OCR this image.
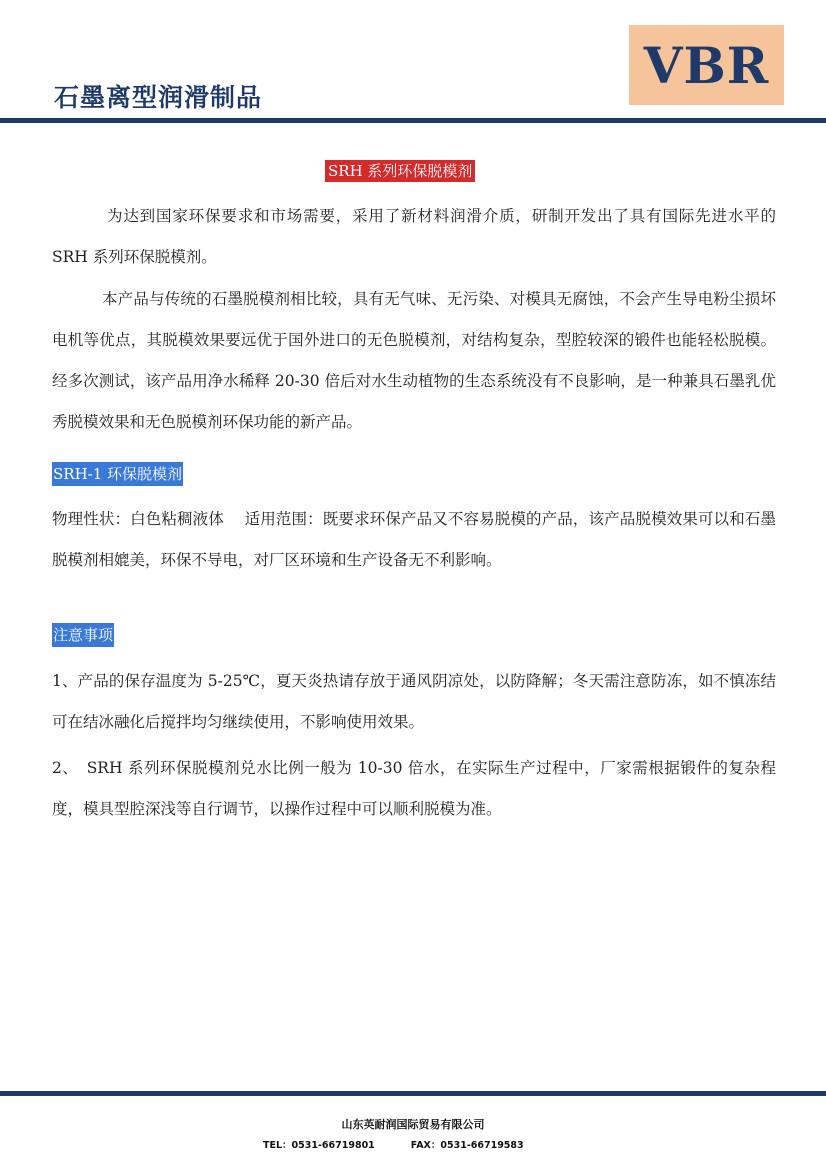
石墨离型润滑制品
VBR
SRH 系列环保脱模剂

为达到国家环保要求和市场需要，采用了新材料润滑介质，研制开发出了具有国际先进水平的 SRH 系列环保脱模剂。

本产品与传统的石墨脱模剂相比较，具有无气味、无污染、对模具无腐蚀，不会产生导电粉尘损坏电机等优点，其脱模效果要远优于国外进口的无色脱模剂，对结构复杂，型腔较深的锻件也能轻松脱模。经多次测试，该产品用净水稀释 20-30 倍后对水生动植物的生态系统没有不良影响，是一种兼具石墨乳优秀脱模效果和无色脱模剂环保功能的新产品。

SRH-1 环保脱模剂

物理性状：白色粘稠液体　 适用范围：既要求环保产品又不容易脱模的产品，该产品脱模效果可以和石墨脱模剂相媲美，环保不导电，对厂区环境和生产设备无不利影响。

注意事项

1、产品的保存温度为 5-25℃，夏天炎热请存放于通风阴凉处，以防降解；冬天需注意防冻，如不慎冻结可在结冰融化后搅拌均匀继续使用，不影响使用效果。

2、　SRH 系列环保脱模剂兑水比例一般为 10-30 倍水，在实际生产过程中，厂家需根据锻件的复杂程度，模具型腔深浅等自行调节，以操作过程中可以顺利脱模为准。

山东英耐润国际贸易有限公司
TEL：0531-66719801	FAX：0531-66719583
